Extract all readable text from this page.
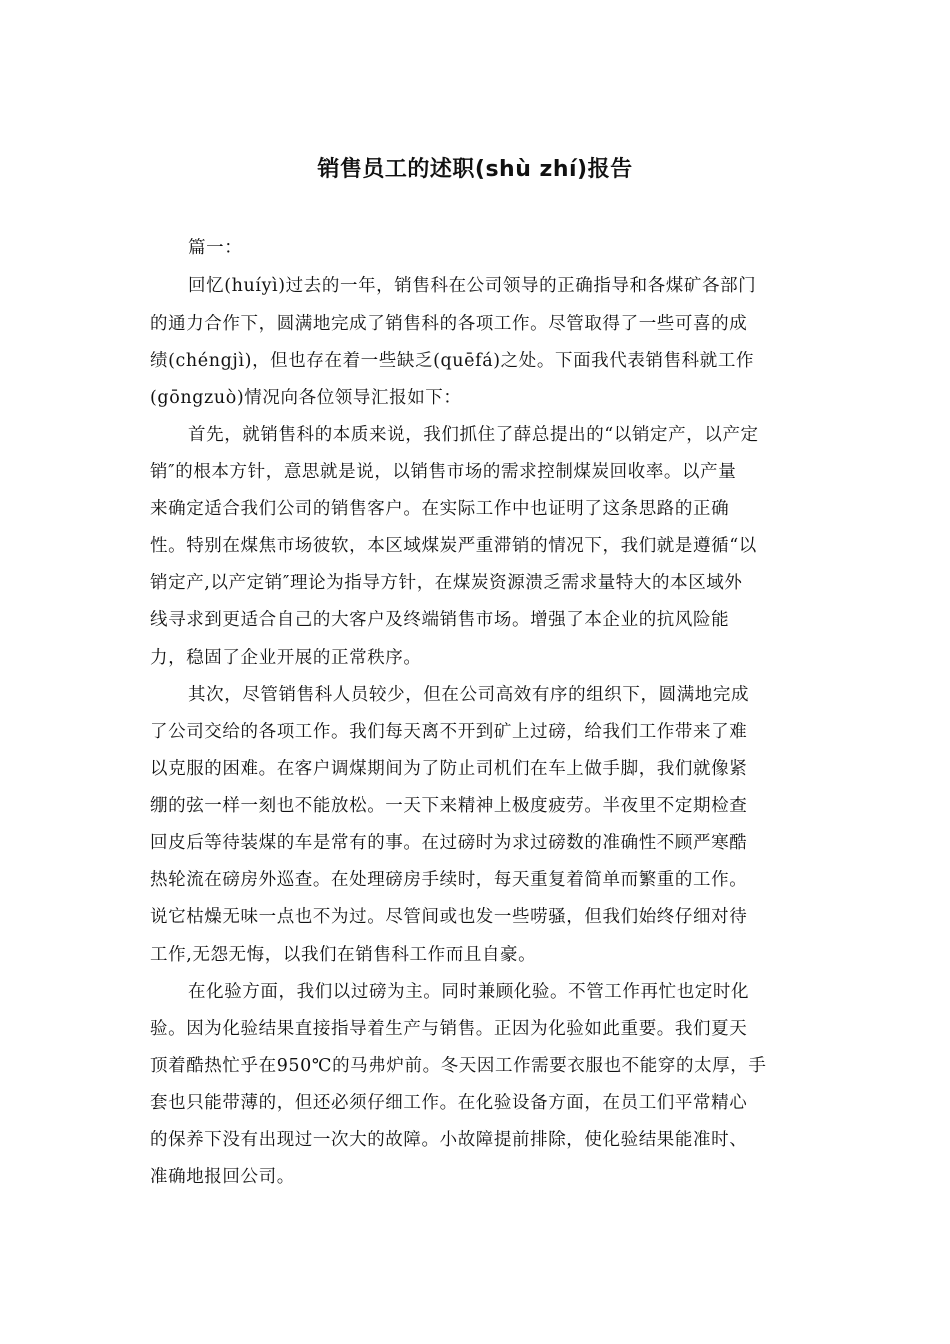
销售员工的述职(shù zhí)报告
篇一：
回忆(huíyì)过去的一年，销售科在公司领导的正确指导和各煤矿各部门
的通力合作下，圆满地完成了销售科的各项工作。尽管取得了一些可喜的成
绩(chéngjì)，但也存在着一些缺乏(quēfá)之处。下面我代表销售科就工作
(gōngzuò)情况向各位领导汇报如下：
首先，就销售科的本质来说，我们抓住了薛总提出的“以销定产，以产定
销″的根本方针，意思就是说，以销售市场的需求控制煤炭回收率。以产量
来确定适合我们公司的销售客户。在实际工作中也证明了这条思路的正确
性。特别在煤焦市场彼软，本区域煤炭严重滞销的情况下，我们就是遵循“以
销定产,以产定销″理论为指导方针，在煤炭资源溃乏需求量特大的本区域外
线寻求到更适合自己的大客户及终端销售市场。增强了本企业的抗风险能
力，稳固了企业开展的正常秩序。
其次，尽管销售科人员较少，但在公司高效有序的组织下，圆满地完成
了公司交给的各项工作。我们每天离不开到矿上过磅，给我们工作带来了难
以克服的困难。在客户调煤期间为了防止司机们在车上做手脚，我们就像紧
绷的弦一样一刻也不能放松。一天下来精神上极度疲劳。半夜里不定期检查
回皮后等待装煤的车是常有的事。在过磅时为求过磅数的准确性不顾严寒酷
热轮流在磅房外巡查。在处理磅房手续时，每天重复着简单而繁重的工作。
说它枯燥无味一点也不为过。尽管间或也发一些唠骚，但我们始终仔细对待
工作,无怨无悔，以我们在销售科工作而且自豪。
在化验方面，我们以过磅为主。同时兼顾化验。不管工作再忙也定时化
验。因为化验结果直接指导着生产与销售。正因为化验如此重要。我们夏天
顶着酷热忙乎在950℃的马弗炉前。冬天因工作需要衣服也不能穿的太厚，手
套也只能带薄的，但还必须仔细工作。在化验设备方面，在员工们平常精心
的保养下没有出现过一次大的故障。小故障提前排除，使化验结果能准时、
准确地报回公司。
